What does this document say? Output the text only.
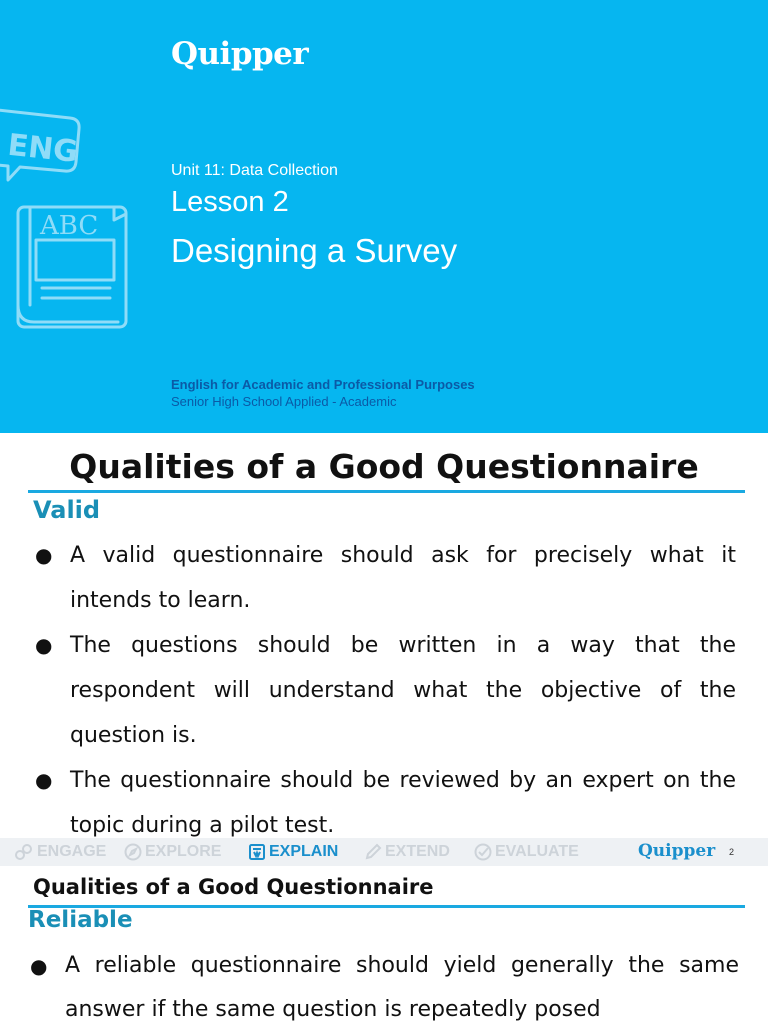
ENG
ABC
Quipper
Unit 11: Data Collection
Lesson 2
Designing a Survey
English for Academic and Professional Purposes
Senior High School Applied - Academic
Qualities of a Good Questionnaire
Valid
● A valid questionnaire should ask for precisely what it intends to learn.
● The questions should be written in a way that the respondent will understand what the objective of the question is.
● The questionnaire should be reviewed by an expert on the topic during a pilot test.
ENGAGE EXPLORE	EXPLAIN	EXTEND	EVALUATE	Quipper 2
Qualities of a Good Questionnaire
Reliable
● A reliable questionnaire should yield generally the same answer if the same question is repeatedly posed
